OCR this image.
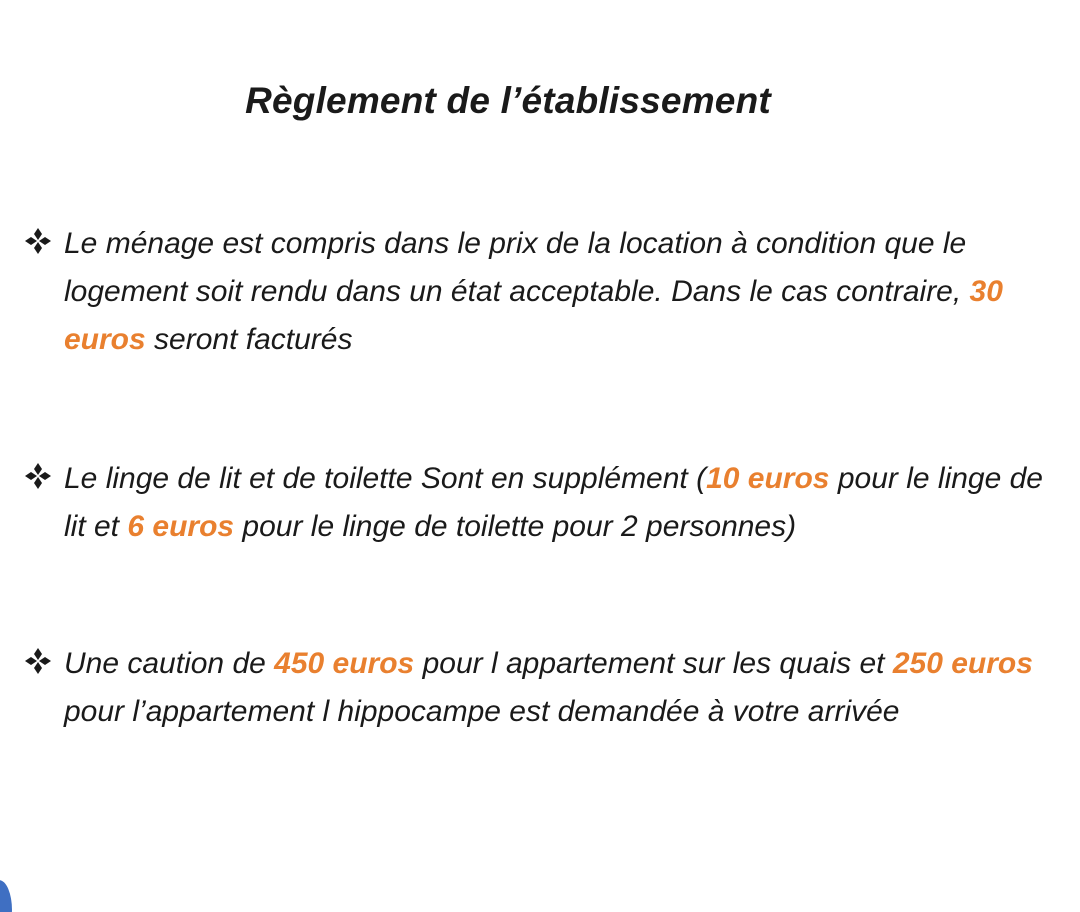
Règlement de l’établissement

Le ménage est compris dans le prix de la location à condition que le logement soit rendu dans un état acceptable. Dans le cas contraire, 30 euros seront facturés

Le linge de lit et de toilette Sont en supplément (10 euros pour le linge de lit et 6 euros pour le linge de toilette pour 2 personnes)

Une caution de 450 euros pour l appartement sur les quais et 250 euros pour l’appartement l hippocampe est demandée à votre arrivée
